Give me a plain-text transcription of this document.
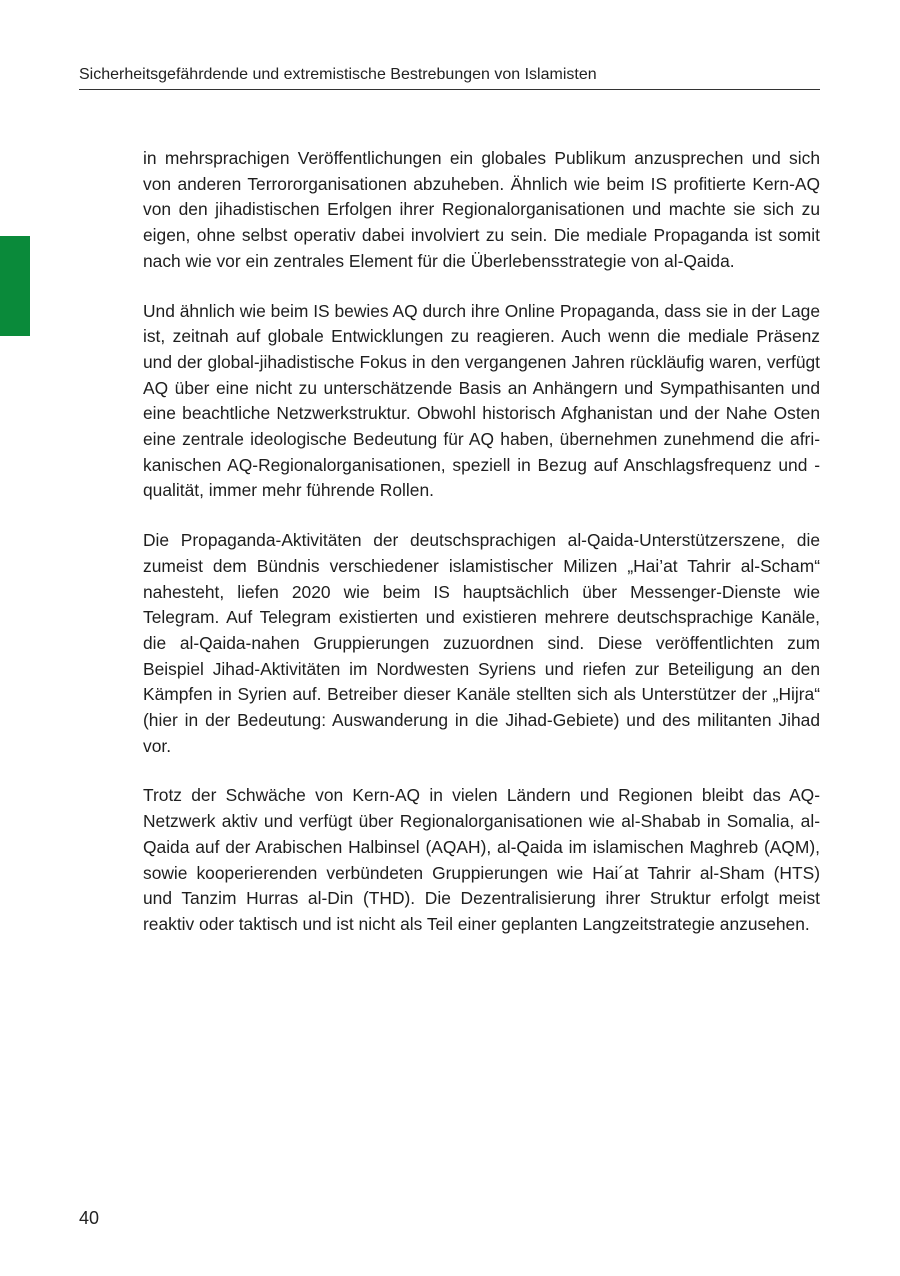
Sicherheitsgefährdende und extremistische Bestrebungen von Islamisten

in mehrsprachigen Veröffentlichungen ein globales Publikum anzusprechen und sich von anderen Terrororganisationen abzuheben. Ähnlich wie beim IS profitierte Kern-AQ von den jihadistischen Erfolgen ihrer Regionalorganisationen und machte sie sich zu eigen, ohne selbst operativ dabei involviert zu sein. Die mediale Propaganda ist somit nach wie vor ein zentrales Element für die Überlebensstrategie von al-Qaida.

Und ähnlich wie beim IS bewies AQ durch ihre Online Propaganda, dass sie in der Lage ist, zeitnah auf globale Entwicklungen zu reagieren. Auch wenn die mediale Präsenz und der global-jihadistische Fokus in den vergangenen Jahren rückläufig waren, verfügt AQ über eine nicht zu unterschätzende Basis an Anhängern und Sympathisanten und eine beachtliche Netzwerkstruktur. Obwohl historisch Afghanistan und der Nahe Osten eine zentrale ideologische Bedeutung für AQ haben, übernehmen zunehmend die afrikanischen AQ-Regionalorganisationen, speziell in Bezug auf Anschlagsfrequenz und -qualität, immer mehr führende Rollen.

Die Propaganda-Aktivitäten der deutschsprachigen al-Qaida-Unterstützerszene, die zumeist dem Bündnis verschiedener islamistischer Milizen „Hai’at Tahrir al-Scham“ nahesteht, liefen 2020 wie beim IS hauptsächlich über Messenger-Dienste wie Telegram. Auf Telegram existierten und existieren mehrere deutschsprachige Kanäle, die al-Qaida-nahen Gruppierungen zuzuordnen sind. Diese veröffentlichten zum Beispiel Jihad-Aktivitäten im Nordwesten Syriens und riefen zur Beteiligung an den Kämpfen in Syrien auf. Betreiber dieser Kanäle stellten sich als Unterstützer der „Hijra“ (hier in der Bedeutung: Auswanderung in die Jihad-Gebiete) und des militanten Jihad vor.

Trotz der Schwäche von Kern-AQ in vielen Ländern und Regionen bleibt das AQ-Netzwerk aktiv und verfügt über Regionalorganisationen wie al-Shabab in Somalia, al-Qaida auf der Arabischen Halbinsel (AQAH), al-Qaida im islamischen Maghreb (AQM), sowie kooperierenden verbündeten Gruppierungen wie Hai´at Tahrir al-Sham (HTS) und Tanzim Hurras al-Din (THD). Die Dezentralisierung ihrer Struktur erfolgt meist reaktiv oder taktisch und ist nicht als Teil einer geplanten Langzeitstrategie anzusehen.

40
